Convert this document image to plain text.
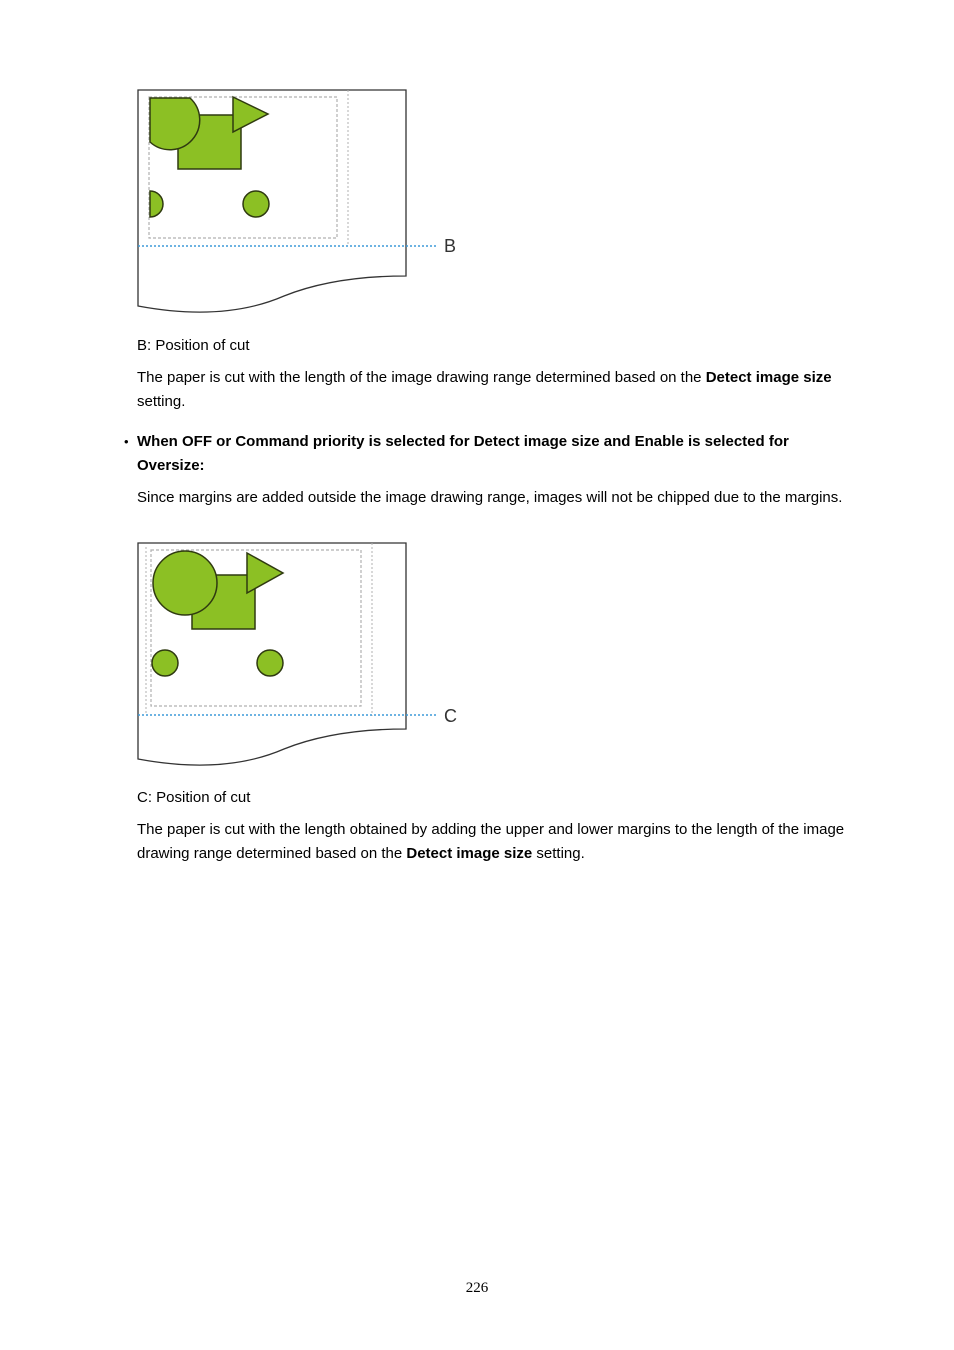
B

B: Position of cut

The paper is cut with the length of the image drawing range determined based on the Detect image size setting.

• When OFF or Command priority is selected for Detect image size and Enable is selected for Oversize:

Since margins are added outside the image drawing range, images will not be chipped due to the margins.

C

C: Position of cut

The paper is cut with the length obtained by adding the upper and lower margins to the length of the image drawing range determined based on the Detect image size setting.

226
